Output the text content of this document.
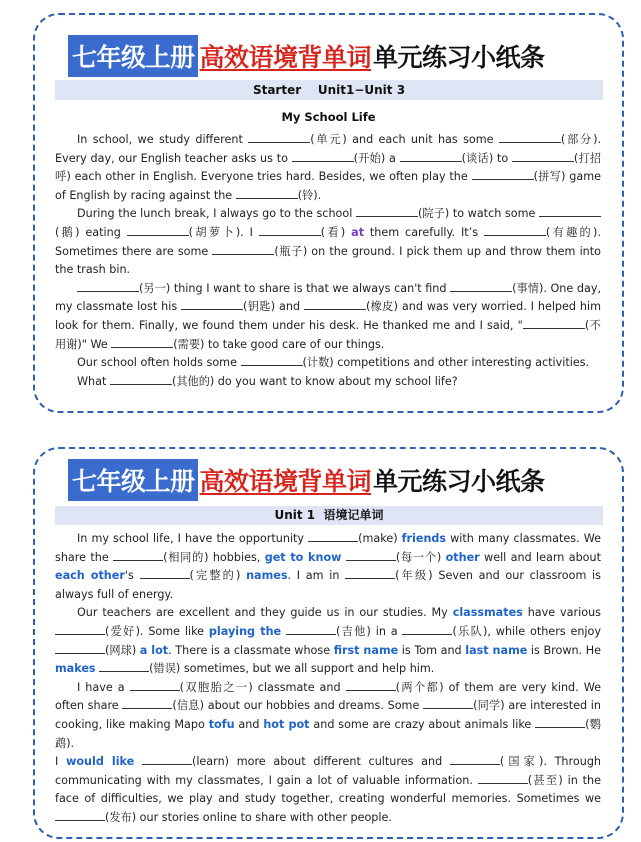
七年级上册 高效语境背单词 单元练习小纸条
Starter    Unit1−Unit 3
My School Life

In school, we study different	(单元) and each unit has some	(部分). Every day, our English teacher asks us to	(开始) a	(谈话) to	(打招呼) each other in English. Everyone tries hard. Besides, we often play the	(拼写) game of English by racing against the	(铃).

During the lunch break, I always go to the school	(院子) to watch some (鹅) eating	(胡萝卜). I	(看) at them carefully. It’s	(有趣的). Sometimes there are some	(瓶子) on the ground. I pick them up and throw them into the trash bin.

(另一) thing I want to share is that we always can't find	(事情). One day, my classmate lost his	(钥匙) and	(橡皮) and was very worried. I helped him look for them. Finally, we found them under his desk. He thanked me and I said, "	(不用谢)" We	(需要) to take good care of our things.

Our school often holds some	(计数) competitions and other interesting activities.

What	(其他的) do you want to know about my school life?

七年级上册 高效语境背单词 单元练习小纸条
Unit 1  语境记单词

In my school life, I have the opportunity	(make) friends with many classmates. We share the	(相同的) hobbies, get to know	(每一个) other well and learn about each other's	(完整的) names. I am in	(年级) Seven and our classroom is always full of energy.

Our teachers are excellent and they guide us in our studies. My classmates have various (爱好). Some like playing the	(吉他) in a	(乐队), while others enjoy (网球) a lot. There is a classmate whose first name is Tom and last name is Brown. He makes	(错误) sometimes, but we all support and help him.

I have a	(双胞胎之一) classmate and	(两个都) of them are very kind. We often share	(信息) about our hobbies and dreams. Some	(同学) are interested in cooking, like making Mapo tofu and hot pot and some are crazy about animals like	(鹦鹉).

I would like	(learn) more about different cultures and	(国家). Through communicating with my classmates, I gain a lot of valuable information.	(甚至) in the face of difficulties, we play and study together, creating wonderful memories. Sometimes we (发布) our stories online to share with other people.
